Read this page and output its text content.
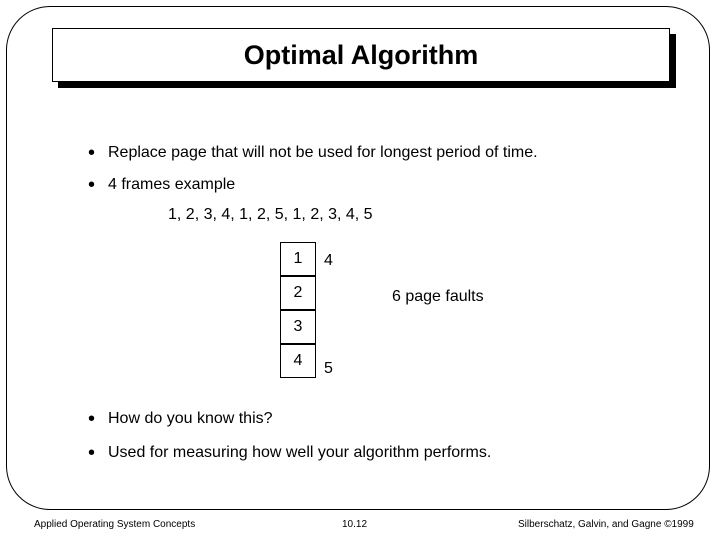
Optimal Algorithm
• Replace page that will not be used for longest period of time.
• 4 frames example
1, 2, 3, 4, 1, 2, 5, 1, 2, 3, 4, 5
1
2
3
4
4
5
6 page faults
• How do you know this?
• Used for measuring how well your algorithm performs.
Applied Operating System Concepts	10.12	Silberschatz, Galvin, and Gagne ©1999
